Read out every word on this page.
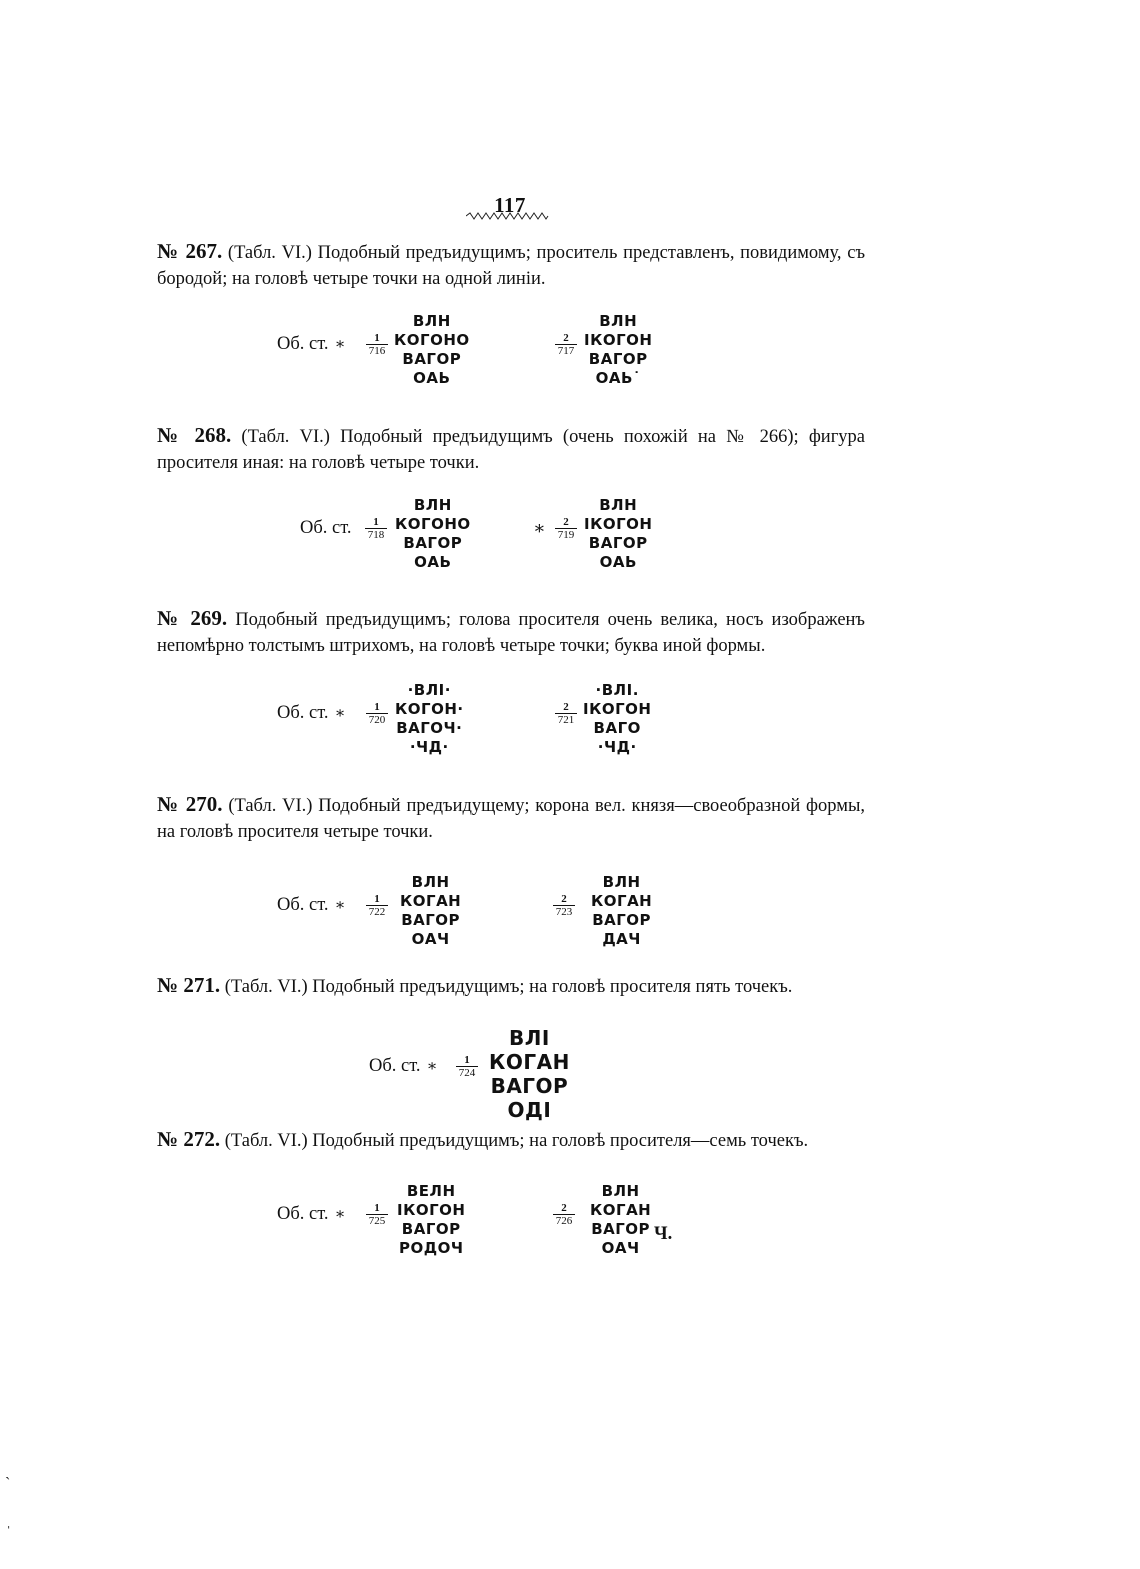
117

№ 267. (Табл. VI.) Подобный предъидущимъ; проситель представленъ, повидимому, съ бородой; на головѣ четыре точки на одной линіи.

Об. ст. ∗ $\frac{1}{716}$
ВЛН
КОГОНО
ВАГОР
ОАЬ
$\frac{2}{717}$
ВЛН
ІКОГОН
ВАГОР
ОАЬ˙

№ 268. (Табл. VI.) Подобный предъидущимъ (очень похожій на № 266); фигура просителя иная: на головѣ четыре точки.

Об. ст.	$\frac{1}{718}$
ВЛН
КОГОНО
ВАГОР
ОАЬ
∗ $\frac{2}{719}$
ВЛН
ІКОГОН
ВАГОР
ОАЬ

№ 269. Подобный предъидущимъ; голова просителя очень велика, носъ изображенъ непомѣрно толстымъ штрихомъ, на головѣ четыре точки; буква иной формы.

Об. ст. ∗ $\frac{1}{720}$
·ВЛІ·
КОГОН·
ВАГОЧ·
·ЧД·
$\frac{2}{721}$
·ВЛІ.
ІКОГОН
ВАГО
·ЧД·

№ 270. (Табл. VI.) Подобный предъидущему; корона вел. князя—своеобразной формы, на головѣ просителя четыре точки.

Об. ст. ∗ $\frac{1}{722}$
ВЛН
КОГАН
ВАГОР
ОАЧ
$\frac{2}{723}$
ВЛН
КОГАН
ВАГОР
ДАЧ

№ 271. (Табл. VI.) Подобный предъидущимъ; на головѣ просителя пять точекъ.

Об. ст. ∗ $\frac{1}{724}$
ВЛІ
КОГАН
ВАГОР
ОДІ

№ 272. (Табл. VI.) Подобный предъидущимъ; на головѣ просителя—семь точекъ.

Об. ст. ∗ $\frac{1}{725}$
ВЕЛН
ІКОГОН
ВАГОР
РОДОЧ
$\frac{2}{726}$
ВЛН
КОГАН
ВАГОР
ОАЧ
Ч.
ˋ
ˌ
